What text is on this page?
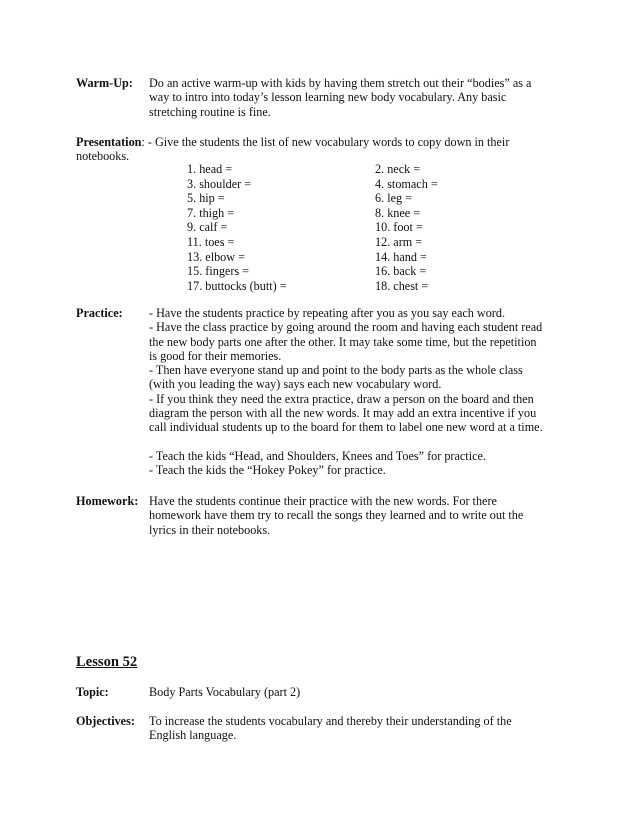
Warm-Up: Do an active warm-up with kids by having them stretch out their “bodies” as a
way to intro into today’s lesson learning new body vocabulary. Any basic
stretching routine is fine.
Presentation: - Give the students the list of new vocabulary words to copy down in their
notebooks.
1. head =	2. neck =
3. shoulder =	4. stomach =
5. hip =	6. leg =
7. thigh =	8. knee =
9. calf =	10. foot =
11. toes =	12. arm =
13. elbow =	14. hand =
15. fingers =	16. back =
17. buttocks (butt) =	18. chest =
Practice: - Have the students practice by repeating after you as you say each word.
- Have the class practice by going around the room and having each student read
the new body parts one after the other. It may take some time, but the repetition
is good for their memories.
- Then have everyone stand up and point to the body parts as the whole class
(with you leading the way) says each new vocabulary word.
- If you think they need the extra practice, draw a person on the board and then
diagram the person with all the new words. It may add an extra incentive if you
call individual students up to the board for them to label one new word at a time.
- Teach the kids “Head, and Shoulders, Knees and Toes” for practice.
- Teach the kids the “Hokey Pokey” for practice.
Homework: Have the students continue their practice with the new words. For there
homework have them try to recall the songs they learned and to write out the
lyrics in their notebooks.
Lesson 52
Topic:	Body Parts Vocabulary (part 2)
Objectives: To increase the students vocabulary and thereby their understanding of the
English language.
